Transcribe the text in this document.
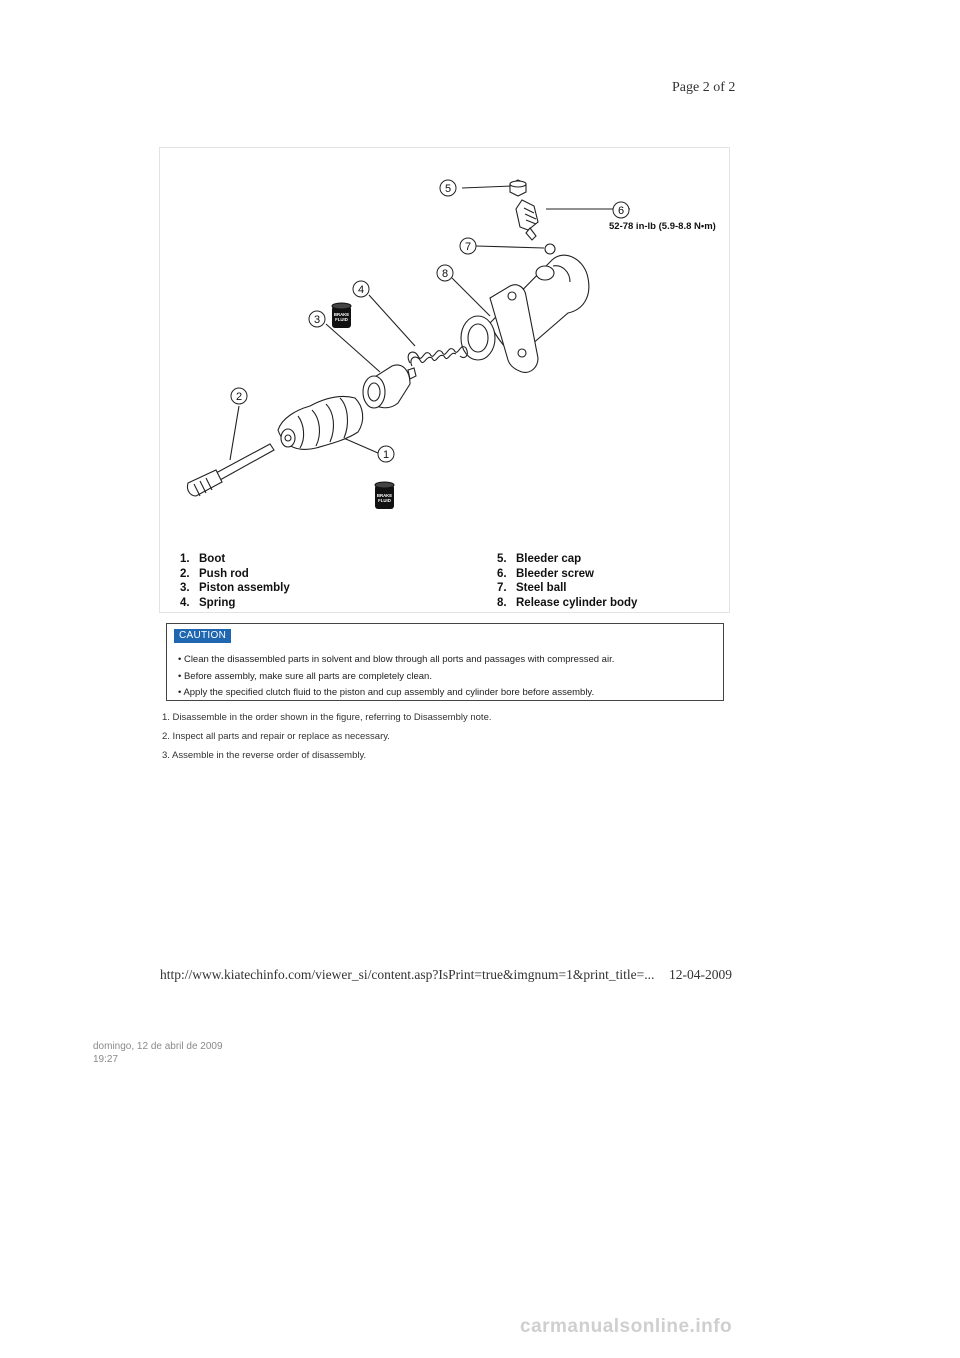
Page 2 of 2
BRAKE
FLUID
BRAKE
FLUID
1
2
3
4
5
6
7
8
52-78 in-lb (5.9-8.8 N•m)
1. Boot
2. Push rod
3. Piston assembly
4. Spring
5. Bleeder cap
6. Bleeder screw
7. Steel ball
8. Release cylinder body
CAUTION
• Clean the disassembled parts in solvent and blow through all ports and passages with compressed air.
• Before assembly, make sure all parts are completely clean.
• Apply the specified clutch fluid to the piston and cup assembly and cylinder bore before assembly.
1. Disassemble in the order shown in the figure, referring to Disassembly note.
2. Inspect all parts and repair or replace as necessary.
3. Assemble in the reverse order of disassembly.
http://www.kiatechinfo.com/viewer_si/content.asp?IsPrint=true&imgnum=1&print_title=... 12-04-2009
domingo, 12 de abril de 2009
19:27
carmanualsonline.info
